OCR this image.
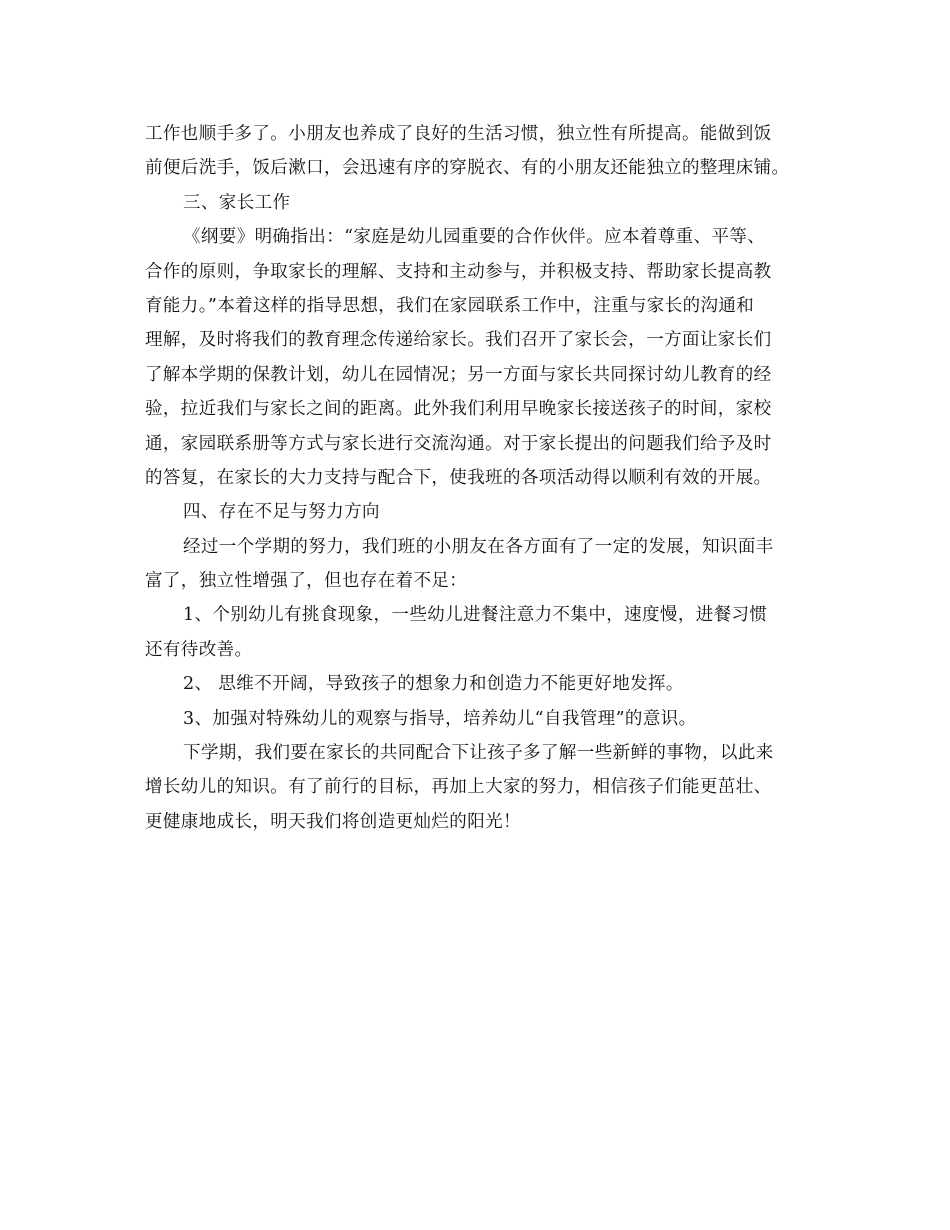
工作也顺手多了。小朋友也养成了良好的生活习惯，独立性有所提高。能做到饭

前便后洗手，饭后漱口，会迅速有序的穿脱衣、有的小朋友还能独立的整理床铺。

三、家长工作

《纲要》明确指出：“家庭是幼儿园重要的合作伙伴。应本着尊重、平等、

合作的原则，争取家长的理解、支持和主动参与，并积极支持、帮助家长提高教

育能力。”本着这样的指导思想，我们在家园联系工作中，注重与家长的沟通和

理解，及时将我们的教育理念传递给家长。我们召开了家长会，一方面让家长们

了解本学期的保教计划，幼儿在园情况；另一方面与家长共同探讨幼儿教育的经

验，拉近我们与家长之间的距离。此外我们利用早晚家长接送孩子的时间，家校

通，家园联系册等方式与家长进行交流沟通。对于家长提出的问题我们给予及时

的答复，在家长的大力支持与配合下，使我班的各项活动得以顺利有效的开展。

四、存在不足与努力方向

经过一个学期的努力，我们班的小朋友在各方面有了一定的发展，知识面丰

富了，独立性增强了，但也存在着不足：

1、个别幼儿有挑食现象，一些幼儿进餐注意力不集中，速度慢，进餐习惯

还有待改善。

2、 思维不开阔，导致孩子的想象力和创造力不能更好地发挥。

3、加强对特殊幼儿的观察与指导，培养幼儿“自我管理”的意识。

下学期，我们要在家长的共同配合下让孩子多了解一些新鲜的事物，以此来

增长幼儿的知识。有了前行的目标，再加上大家的努力，相信孩子们能更茁壮、

更健康地成长，明天我们将创造更灿烂的阳光！
